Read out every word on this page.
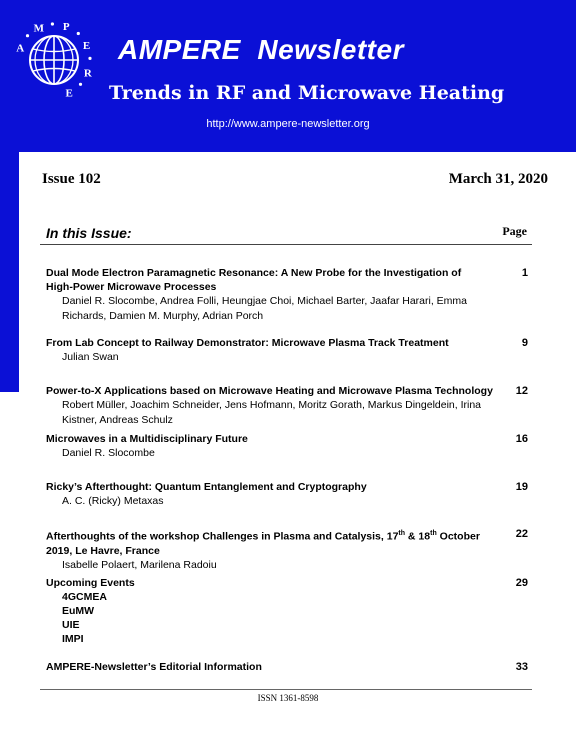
A
M P
E
R
E
AMPERE  Newsletter
Trends in RF and Microwave Heating
http://www.ampere-newsletter.org
Issue 102	March 31, 2020
In this Issue:	Page
Dual Mode Electron Paramagnetic Resonance: A New Probe for the Investigation of High-Power Microwave Processes
Daniel R. Slocombe, Andrea Folli, Heungjae Choi, Michael Barter, Jaafar Harari, Emma Richards, Damien M. Murphy, Adrian Porch
1
From Lab Concept to Railway Demonstrator: Microwave Plasma Track Treatment
Julian Swan
9
Power-to-X Applications based on Microwave Heating and Microwave Plasma Technology
Robert Müller, Joachim Schneider, Jens Hofmann, Moritz Gorath, Markus Dingeldein, Irina Kistner, Andreas Schulz
12
Microwaves in a Multidisciplinary Future
Daniel R. Slocombe
16
Ricky’s Afterthought: Quantum Entanglement and Cryptography
A. C. (Ricky) Metaxas
19
Afterthoughts of the workshop Challenges in Plasma and Catalysis, 17th & 18th October 2019, Le Havre, France
Isabelle Polaert, Marilena Radoiu
22
Upcoming Events
4GCMEA
EuMW
UIE
IMPI
29
AMPERE-Newsletter’s Editorial Information	33
ISSN 1361-8598
